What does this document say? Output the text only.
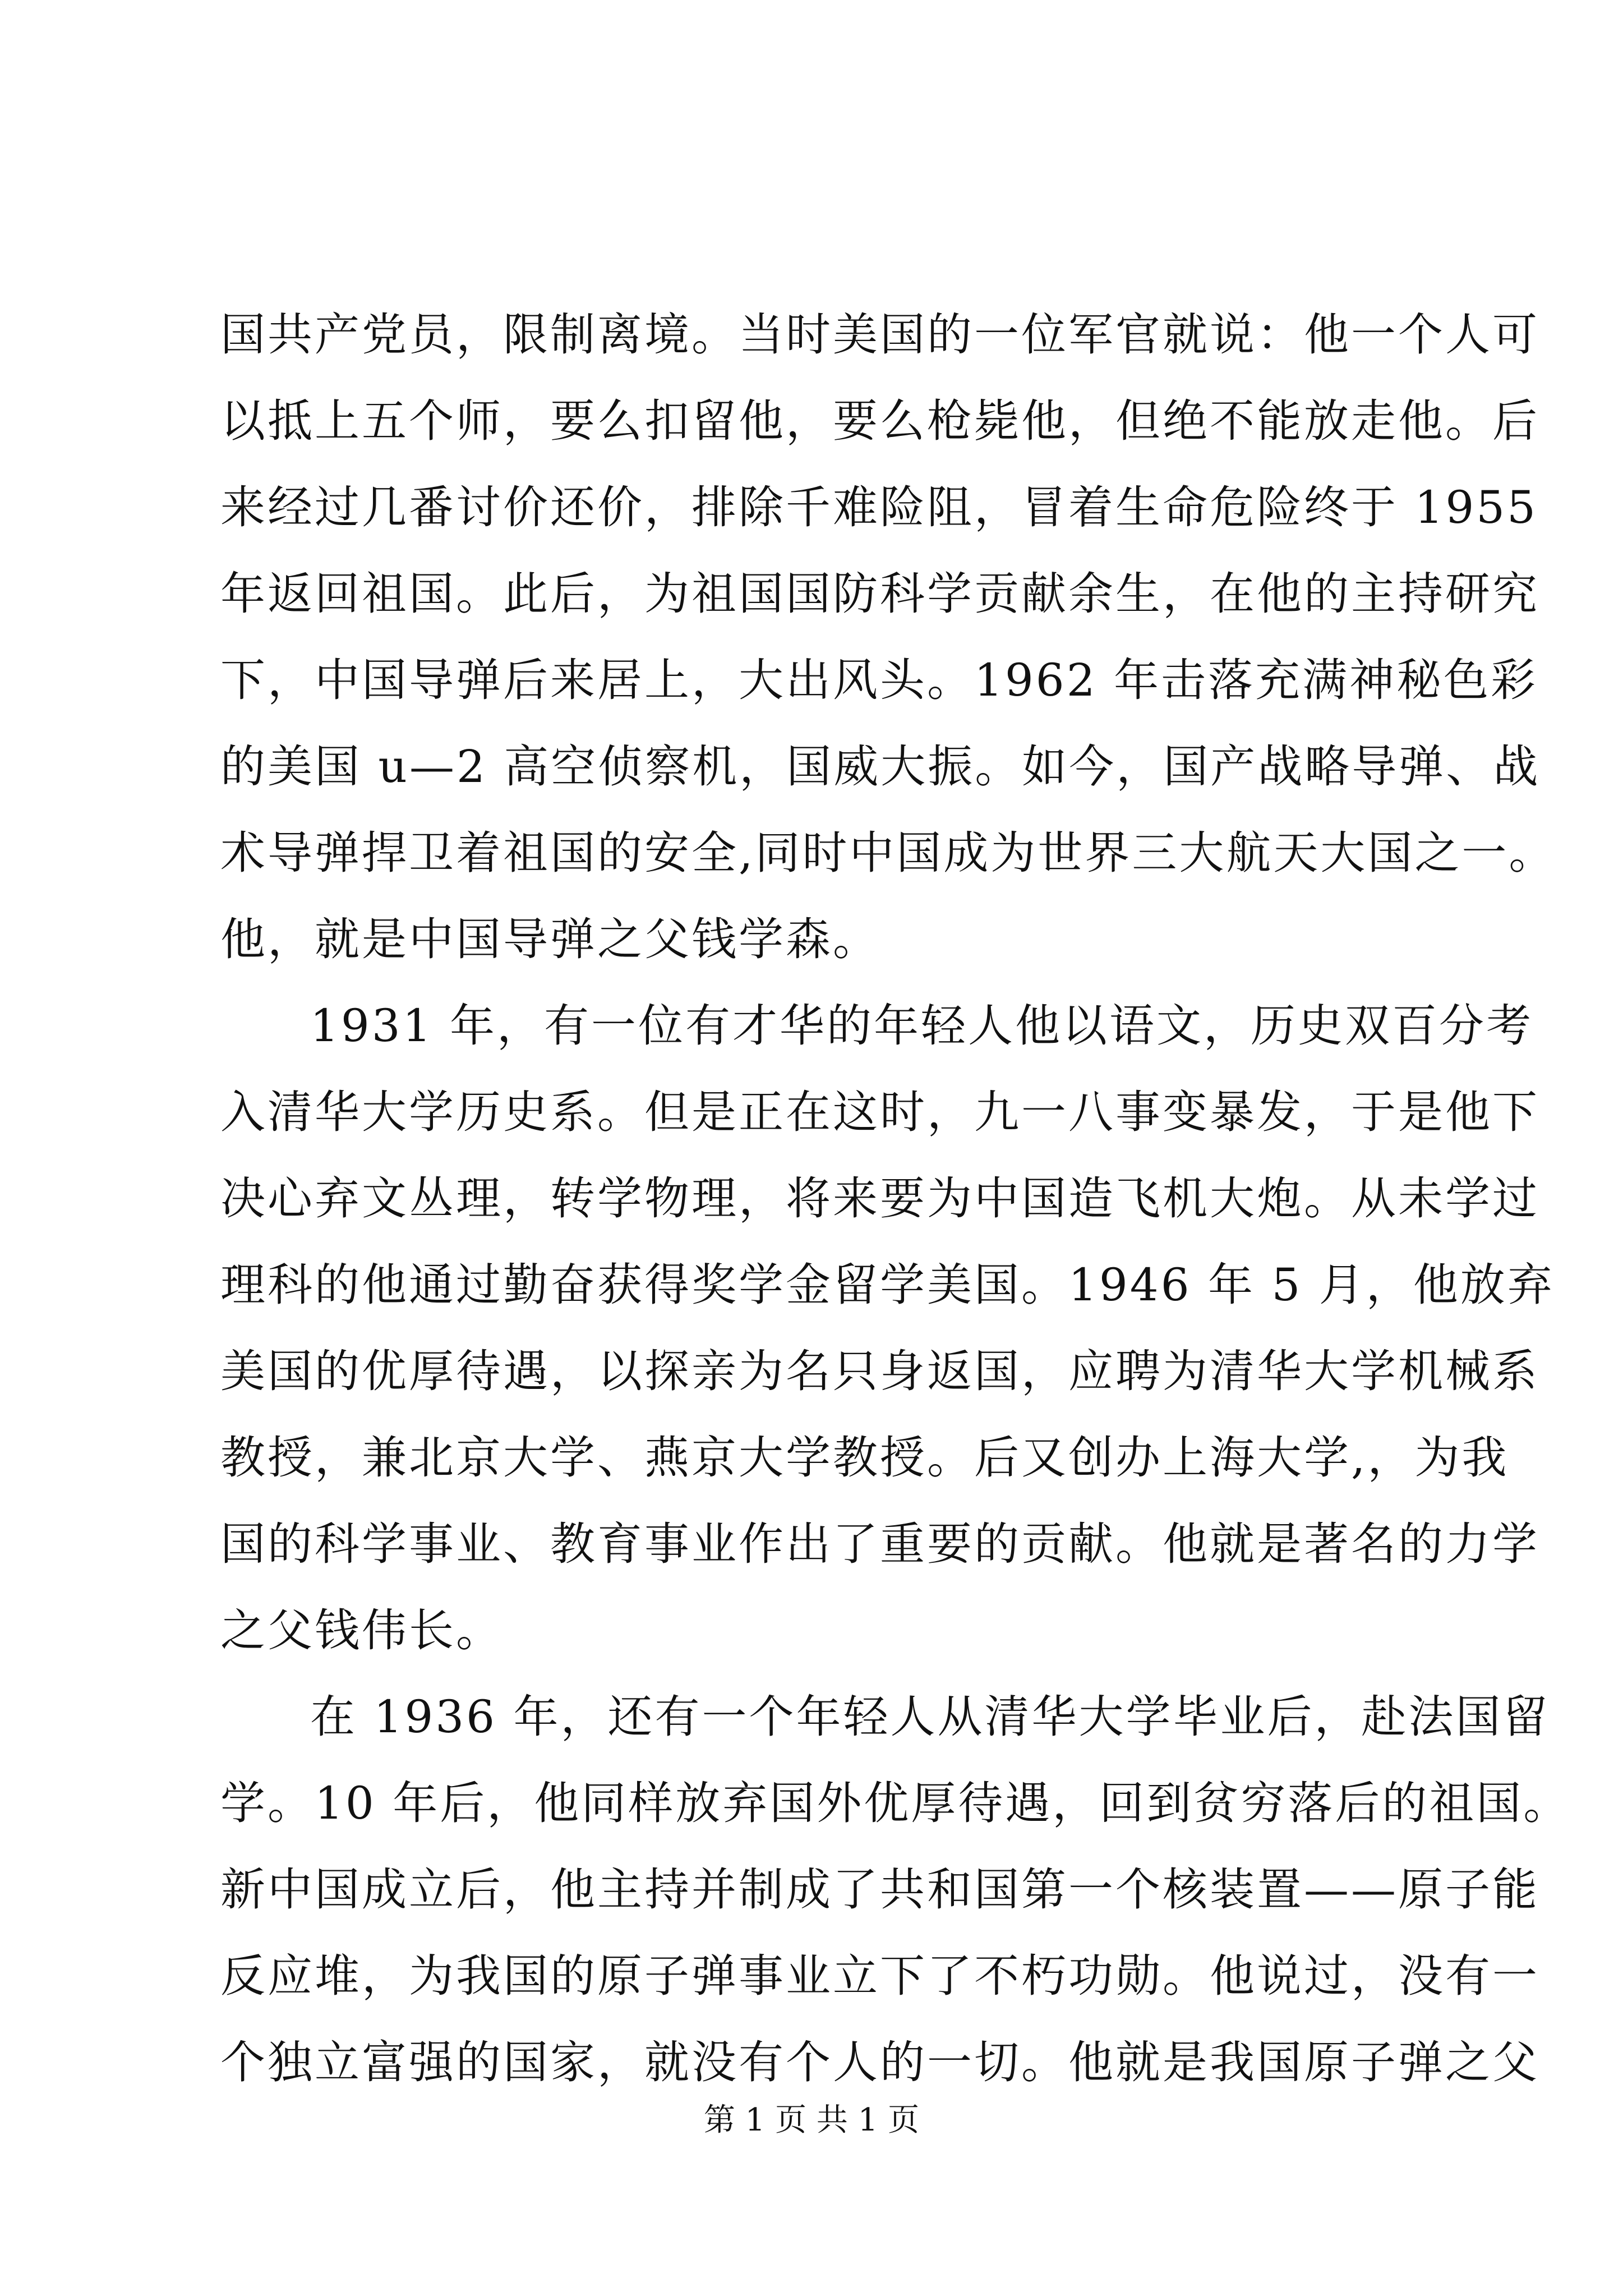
国共产党员，限制离境。当时美国的一位军官就说：他一个人可
以抵上五个师，要么扣留他，要么枪毙他，但绝不能放走他。后
来经过几番讨价还价，排除千难险阻，冒着生命危险终于 1955
年返回祖国。此后，为祖国国防科学贡献余生，在他的主持研究
下，中国导弹后来居上，大出风头。1962 年击落充满神秘色彩
的美国 u—2 高空侦察机，国威大振。如今，国产战略导弹、战
术导弹捍卫着祖国的安全,同时中国成为世界三大航天大国之一。
他，就是中国导弹之父钱学森。
1931 年，有一位有才华的年轻人他以语文，历史双百分考
入清华大学历史系。但是正在这时，九一八事变暴发，于是他下
决心弃文丛理，转学物理，将来要为中国造飞机大炮。从未学过
理科的他通过勤奋获得奖学金留学美国。1946 年 5 月，他放弃
美国的优厚待遇，以探亲为名只身返国，应聘为清华大学机械系
教授，兼北京大学、燕京大学教授。后又创办上海大学,，为我
国的科学事业、教育事业作出了重要的贡献。他就是著名的力学
之父钱伟长。
在 1936 年，还有一个年轻人从清华大学毕业后，赴法国留
学。10 年后，他同样放弃国外优厚待遇，回到贫穷落后的祖国。
新中国成立后，他主持并制成了共和国第一个核装置——原子能
反应堆，为我国的原子弹事业立下了不朽功勋。他说过，没有一
个独立富强的国家，就没有个人的一切。他就是我国原子弹之父
第 1 页 共 1 页
